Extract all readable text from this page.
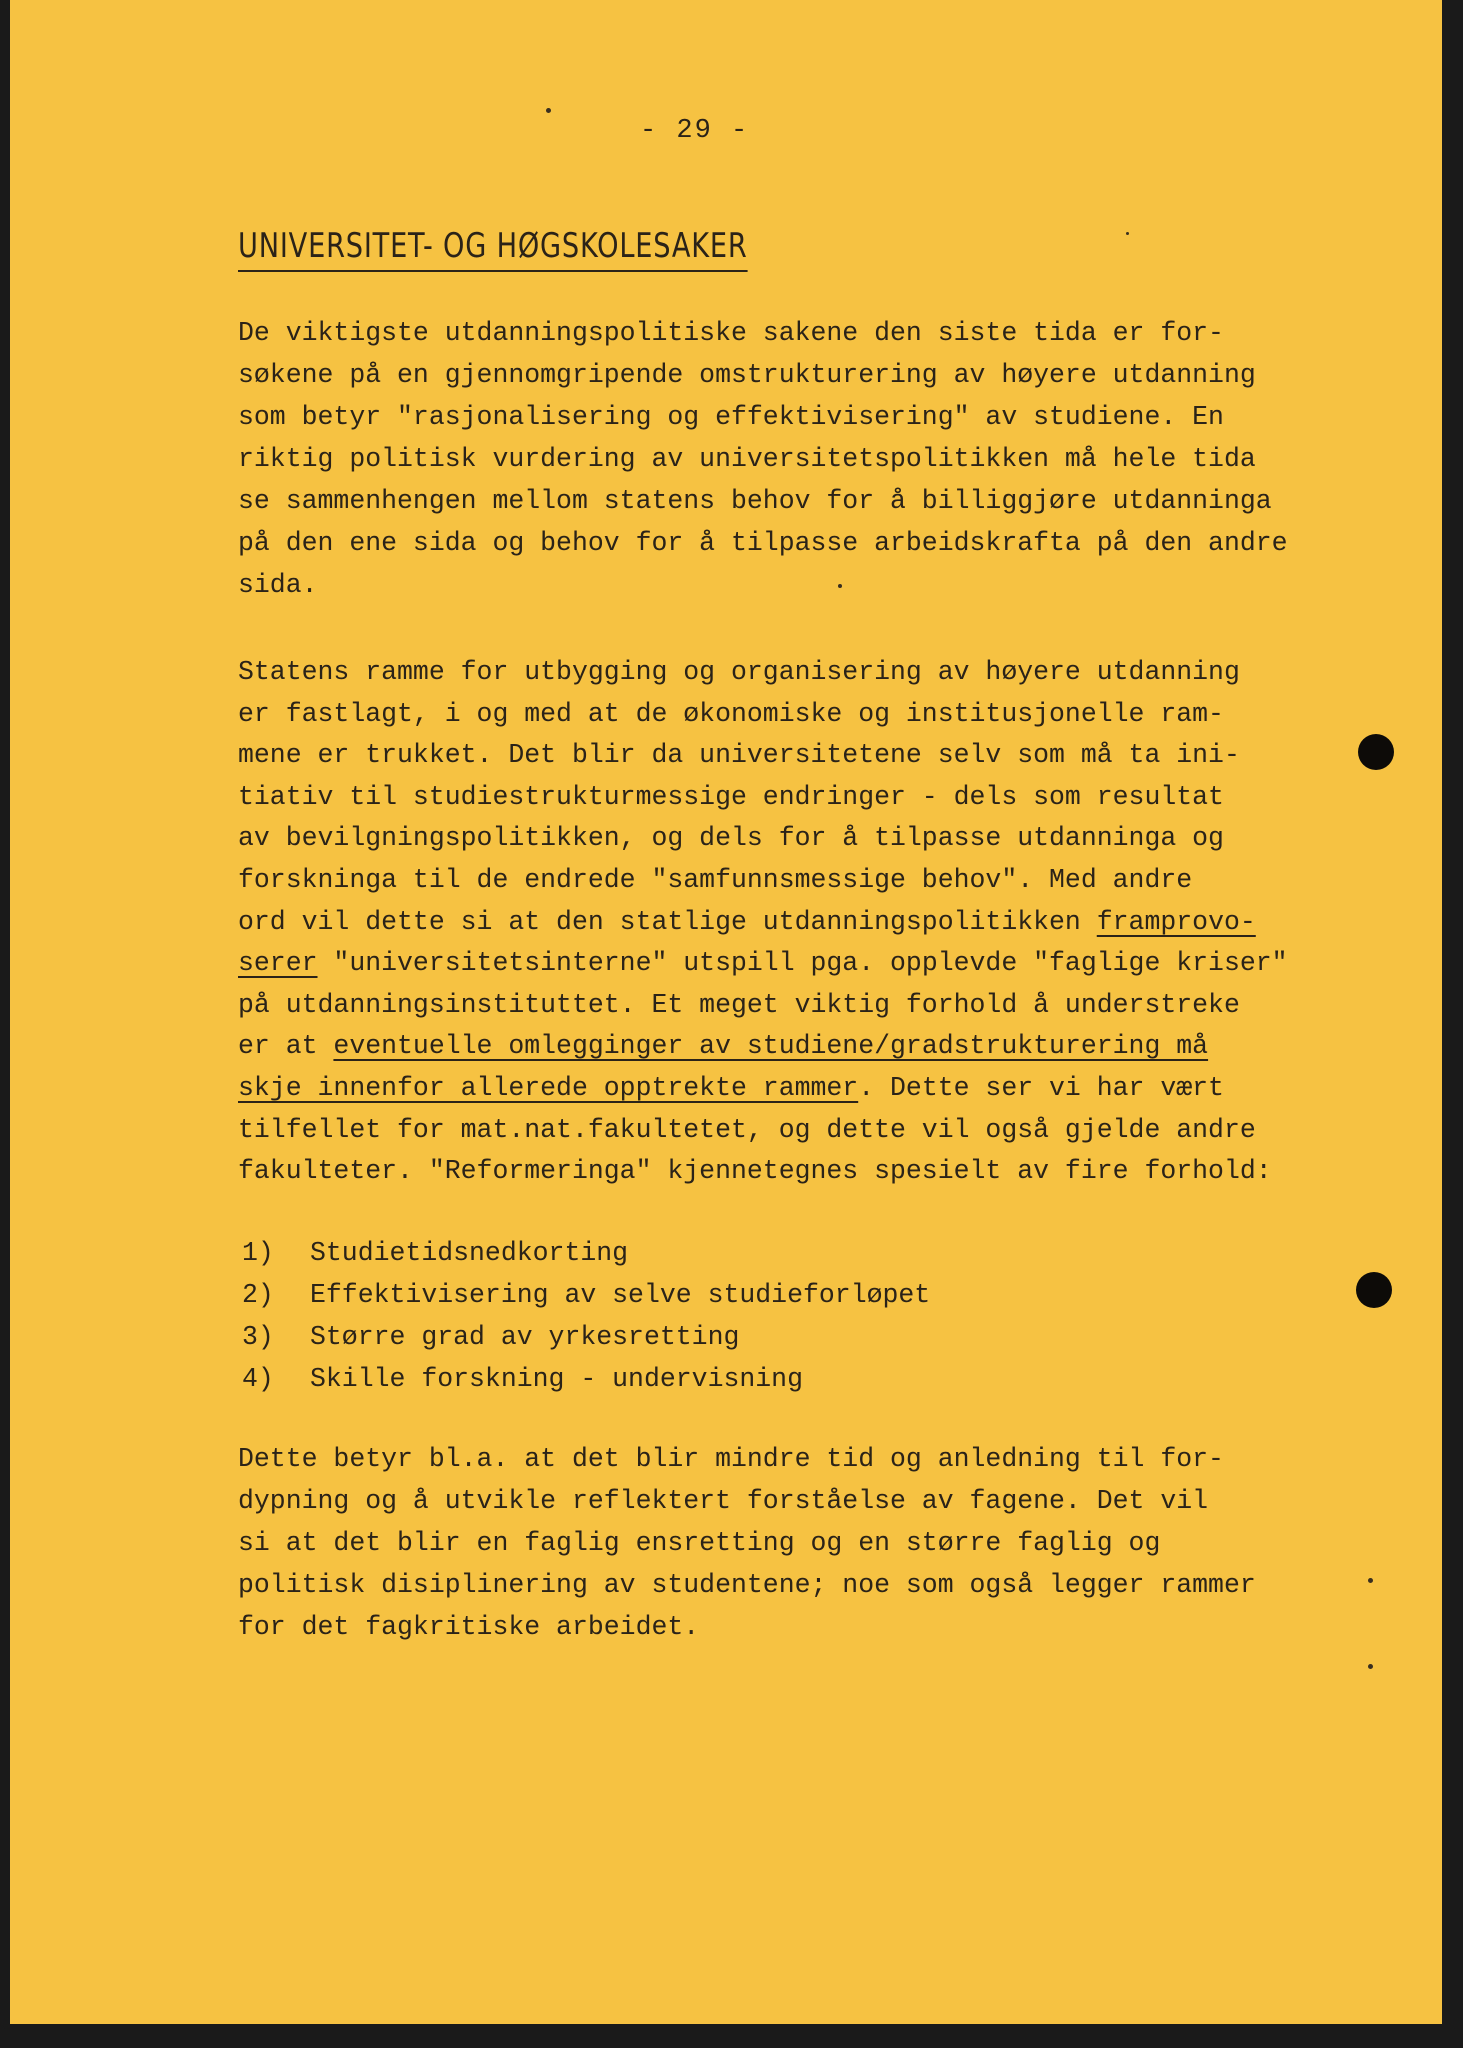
- 29 -
UNIVERSITET- OG HØGSKOLESAKER
De viktigste utdanningspolitiske sakene den siste tida er for-
søkene på en gjennomgripende omstrukturering av høyere utdanning
som betyr "rasjonalisering og effektivisering" av studiene. En
riktig politisk vurdering av universitetspolitikken må hele tida
se sammenhengen mellom statens behov for å billiggjøre utdanninga
på den ene sida og behov for å tilpasse arbeidskrafta på den andre
sida.
Statens ramme for utbygging og organisering av høyere utdanning
er fastlagt, i og med at de økonomiske og institusjonelle ram-
mene er trukket. Det blir da universitetene selv som må ta ini-
tiativ til studiestrukturmessige endringer - dels som resultat
av bevilgningspolitikken, og dels for å tilpasse utdanninga og
forskninga til de endrede "samfunnsmessige behov". Med andre
ord vil dette si at den statlige utdanningspolitikken framprovo-
serer "universitetsinterne" utspill pga. opplevde "faglige kriser"
på utdanningsinstituttet. Et meget viktig forhold å understreke
er at eventuelle omlegginger av studiene/gradstrukturering må
skje innenfor allerede opptrekte rammer. Dette ser vi har vært
tilfellet for mat.nat.fakultetet, og dette vil også gjelde andre
fakulteter. "Reformeringa" kjennetegnes spesielt av fire forhold:
1)	Studietidsnedkorting
2)	Effektivisering av selve studieforløpet
3)	Større grad av yrkesretting
4)	Skille forskning - undervisning
Dette betyr bl.a. at det blir mindre tid og anledning til for-
dypning og å utvikle reflektert forståelse av fagene. Det vil
si at det blir en faglig ensretting og en større faglig og
politisk disiplinering av studentene; noe som også legger rammer
for det fagkritiske arbeidet.
